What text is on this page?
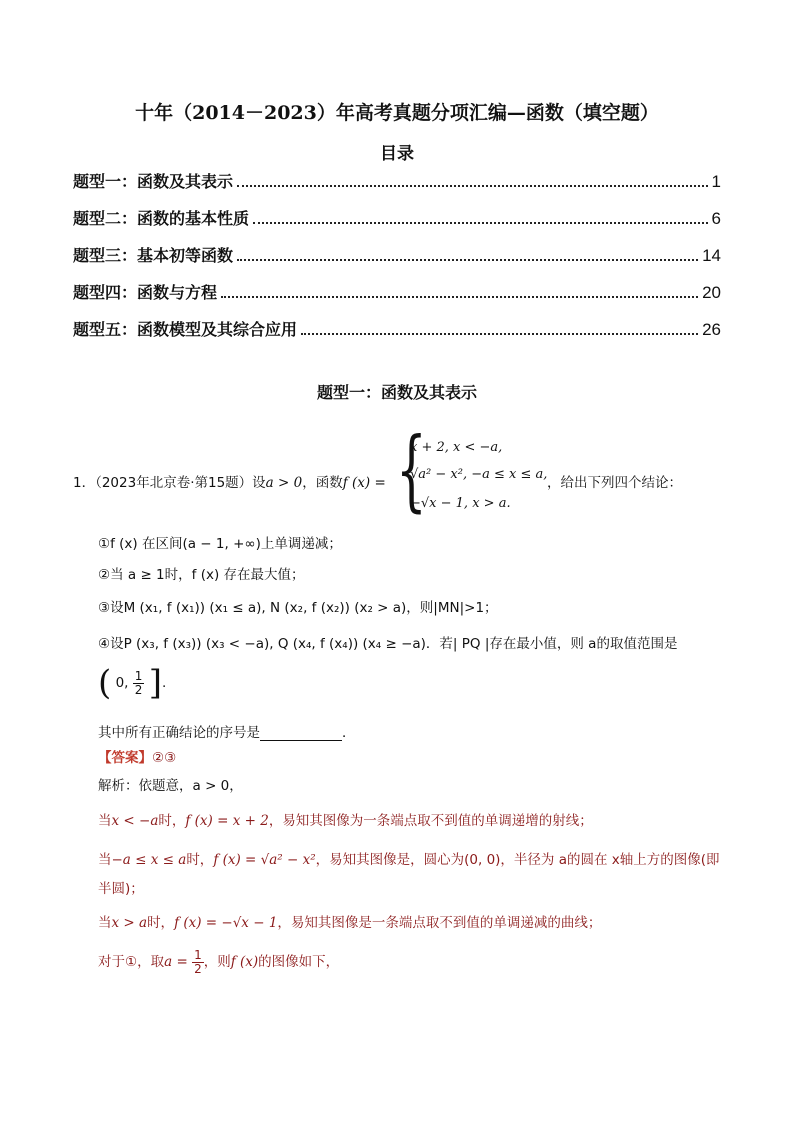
十年（2014－2023）年高考真题分项汇编—函数（填空题）
目录
题型一：函数及其表示	1
题型二：函数的基本性质	6
题型三：基本初等函数	14
题型四：函数与方程	20
题型五：函数模型及其综合应用	26
题型一：函数及其表示
1．（2023年北京卷·第15题）设a > 0，函数f (x) = {
x + 2, x < −a,
√a² − x², −a ≤ x ≤ a,
−√x − 1, x > a.
，给出下列四个结论：
①f (x) 在区间(a − 1, +∞)上单调递减；
②当 a ≥ 1时，f (x) 存在最大值；
③设M (x₁, f (x₁)) (x₁ ≤ a), N (x₂, f (x₂)) (x₂ > a)，则|MN|>1；
④设P (x₃, f (x₃)) (x₃ < −a), Q (x₄, f (x₄)) (x₄ ≥ −a)．若| PQ |存在最小值，则 a的取值范围是
( 0, $\frac{1}{2}$ ].
其中所有正确结论的序号是	．
【答案】②③
解析：依题意，a > 0，
当x < −a时，f (x) = x + 2，易知其图像为一条端点取不到值的单调递增的射线；
当−a ≤ x ≤ a时，f (x) = √a² − x²，易知其图像是，圆心为(0, 0)，半径为 a的圆在 x轴上方的图像(即
半圆)；
当x > a时，f (x) = −√x − 1，易知其图像是一条端点取不到值的单调递减的曲线；
对于①，取$a = \frac{1}{2}$ ，则f (x)的图像如下，
